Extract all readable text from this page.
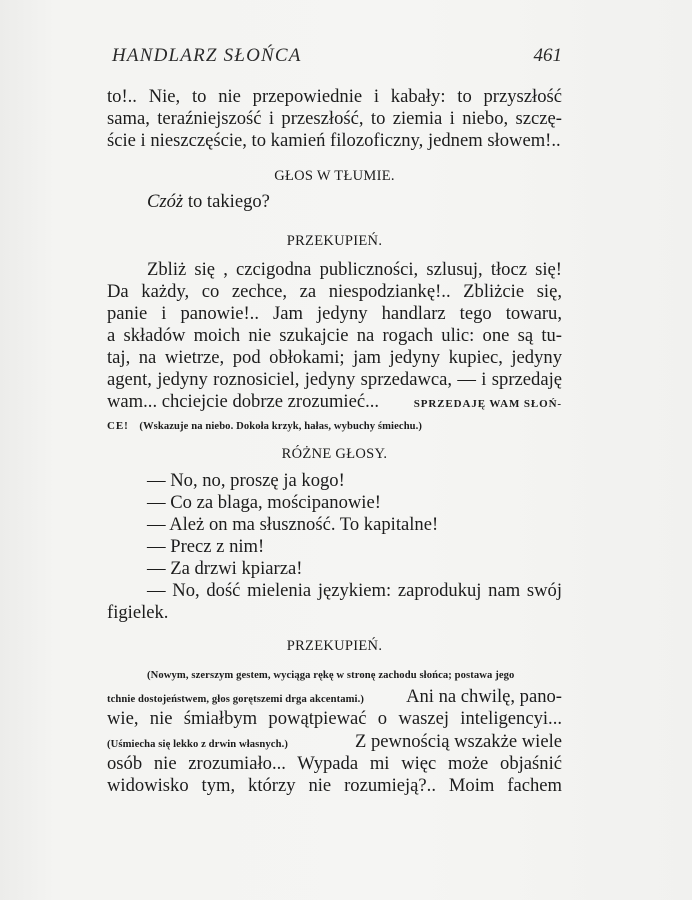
HANDLARZ SŁOŃCA	461
to!.. Nie, to nie przepowiednie i kabały: to przyszłość
sama, teraźniejszość i przeszłość, to ziemia i niebo, szczę-
ście i nieszczęście, to kamień filozoficzny, jednem słowem!..
GŁOS W TŁUMIE.
Czóż to takiego?
PRZEKUPIEŃ.
Zbliż się , czcigodna publiczności, szlusuj, tłocz się!
Da każdy, co zechce, za niespodziankę!.. Zbliżcie się,
panie i panowie!.. Jam jedyny handlarz tego towaru,
a składów moich nie szukajcie na rogach ulic: one są tu-
taj, na wietrze, pod obłokami; jam jedyny kupiec, jedyny
agent, jedyny roznosiciel, jedyny sprzedawca, — i sprzedaję
wam... chciejcie dobrze zrozumieć...	SPRZEDAJĘ WAM SŁOŃ-
CE! (Wskazuje na niebo. Dokoła krzyk, hałas, wybuchy śmiechu.)
RÓŻNE GŁOSY.
— No, no, proszę ja kogo!
— Co za blaga, mościpanowie!
— Ależ on ma słuszność. To kapitalne!
— Precz z nim!
— Za drzwi kpiarza!
— No, dość mielenia językiem: zaprodukuj nam swój
figielek.
PRZEKUPIEŃ.
(Nowym, szerszym gestem, wyciąga rękę w stronę zachodu słońca; postawa jego
tchnie dostojeństwem, głos gorętszemi drga akcentami.) Ani na chwilę, pano-
wie, nie śmiałbym powątpiewać o waszej inteligencyi...
(Uśmiecha się lekko z drwin własnych.)	Z pewnością wszakże wiele
osób nie zrozumiało... Wypada mi więc może objaśnić
widowisko tym, którzy nie rozumieją?.. Moim fachem
